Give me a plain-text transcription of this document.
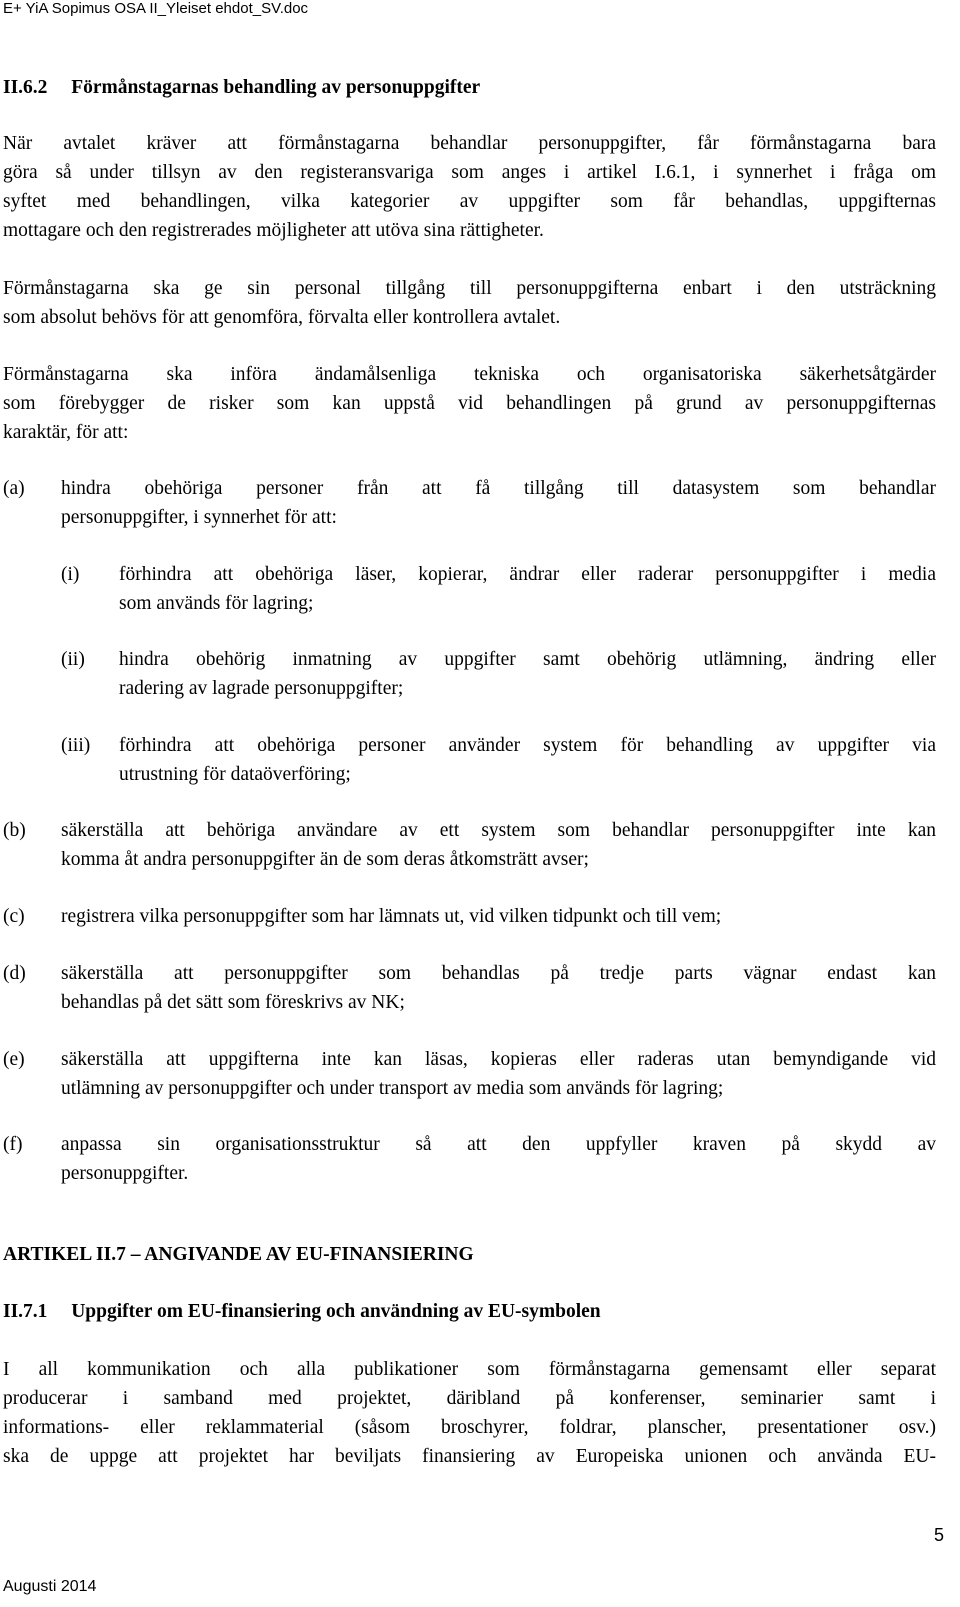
E+ YiA Sopimus OSA II_Yleiset ehdot_SV.doc
II.6.2 Förmånstagarnas behandling av personuppgifter
När avtalet kräver att förmånstagarna behandlar personuppgifter, får förmånstagarna bara
göra så under tillsyn av den registeransvariga som anges i artikel I.6.1, i synnerhet i fråga om
syftet med behandlingen, vilka kategorier av uppgifter som får behandlas, uppgifternas
mottagare och den registrerades möjligheter att utöva sina rättigheter.
Förmånstagarna ska ge sin personal tillgång till personuppgifterna enbart i den utsträckning
som absolut behövs för att genomföra, förvalta eller kontrollera avtalet.
Förmånstagarna ska införa ändamålsenliga tekniska och organisatoriska säkerhetsåtgärder
som förebygger de risker som kan uppstå vid behandlingen på grund av personuppgifternas
karaktär, för att:
(a) hindra obehöriga personer från att få tillgång till datasystem som behandlar
personuppgifter, i synnerhet för att:
(i) förhindra att obehöriga läser, kopierar, ändrar eller raderar personuppgifter i media
som används för lagring;
(ii) hindra obehörig inmatning av uppgifter samt obehörig utlämning, ändring eller
radering av lagrade personuppgifter;
(iii) förhindra att obehöriga personer använder system för behandling av uppgifter via
utrustning för dataöverföring;
(b) säkerställa att behöriga användare av ett system som behandlar personuppgifter inte kan
komma åt andra personuppgifter än de som deras åtkomsträtt avser;
(c) registrera vilka personuppgifter som har lämnats ut, vid vilken tidpunkt och till vem;
(d) säkerställa att personuppgifter som behandlas på tredje parts vägnar endast kan
behandlas på det sätt som föreskrivs av NK;
(e) säkerställa att uppgifterna inte kan läsas, kopieras eller raderas utan bemyndigande vid
utlämning av personuppgifter och under transport av media som används för lagring;
(f) anpassa sin organisationsstruktur så att den uppfyller kraven på skydd av
personuppgifter.
ARTIKEL II.7 – ANGIVANDE AV EU-FINANSIERING
II.7.1 Uppgifter om EU-finansiering och användning av EU-symbolen
I all kommunikation och alla publikationer som förmånstagarna gemensamt eller separat
producerar i samband med projektet, däribland på konferenser, seminarier samt i
informations- eller reklammaterial (såsom broschyrer, foldrar, planscher, presentationer osv.)
ska de uppge att projektet har beviljats finansiering av Europeiska unionen och använda EU-
5
Augusti 2014
